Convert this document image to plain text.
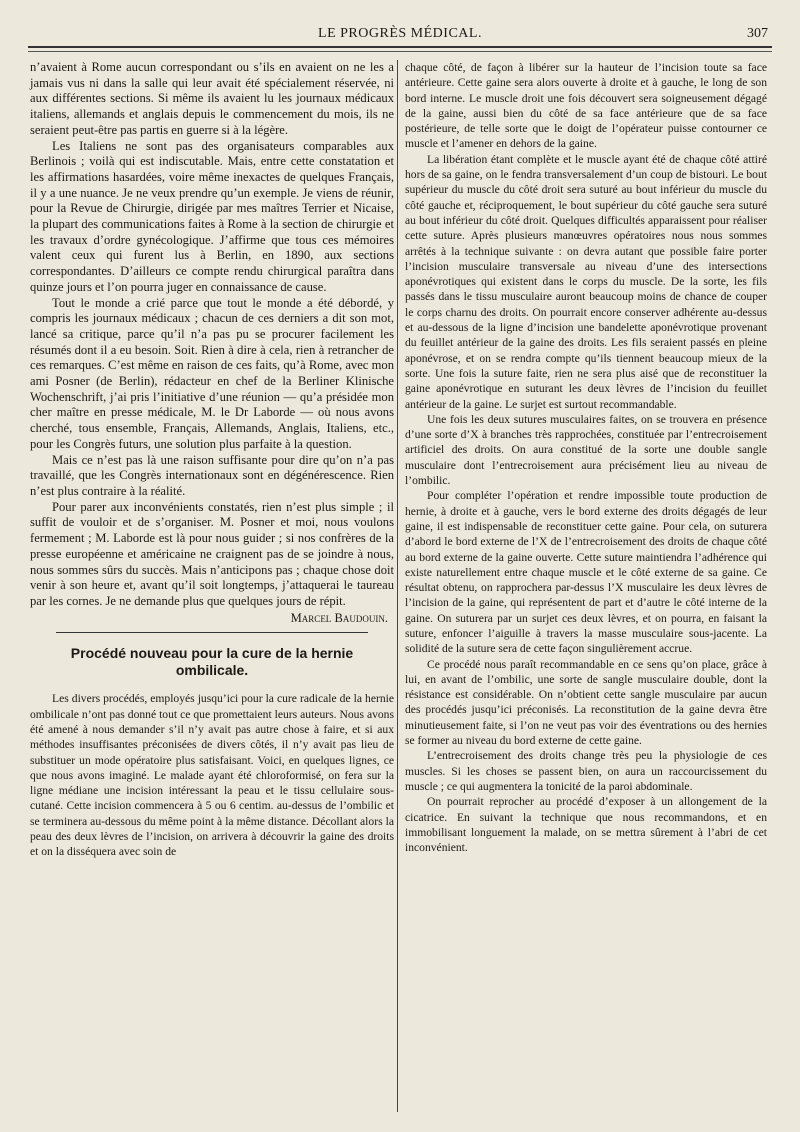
LE PROGRÈS MÉDICAL.	307

n’avaient à Rome aucun correspondant ou s’ils en avaient on ne les a jamais vus ni dans la salle qui leur avait été spécialement réservée, ni aux différentes sections. Si même ils avaient lu les journaux médicaux italiens, allemands et anglais depuis le commencement du mois, ils ne seraient peut-être pas partis en guerre si à la légère.

Les Italiens ne sont pas des organisateurs comparables aux Berlinois ; voilà qui est indiscutable. Mais, entre cette constatation et les affirmations hasardées, voire même inexactes de quelques Français, il y a une nuance. Je ne veux prendre qu’un exemple. Je viens de réunir, pour la Revue de Chirurgie, dirigée par mes maîtres Terrier et Nicaise, la plupart des communications faites à Rome à la section de chirurgie et les travaux d’ordre gynécologique. J’affirme que tous ces mémoires valent ceux qui furent lus à Berlin, en 1890, aux sections correspondantes. D’ailleurs ce compte rendu chirurgical paraîtra dans quinze jours et l’on pourra juger en connaissance de cause.

Tout le monde a crié parce que tout le monde a été débordé, y compris les journaux médicaux ; chacun de ces derniers a dit son mot, lancé sa critique, parce qu’il n’a pas pu se procurer facilement les résumés dont il a eu besoin. Soit. Rien à dire à cela, rien à retrancher de ces remarques. C’est même en raison de ces faits, qu’à Rome, avec mon ami Posner (de Berlin), rédacteur en chef de la Berliner Klinische Wochenschrift, j’ai pris l’initiative d’une réunion — qu’a présidée mon cher maître en presse médicale, M. le Dr Laborde — où nous avons cherché, tous ensemble, Français, Allemands, Anglais, Italiens, etc., pour les Congrès futurs, une solution plus parfaite à la question.

Mais ce n’est pas là une raison suffisante pour dire qu’on n’a pas travaillé, que les Congrès internationaux sont en dégénérescence. Rien n’est plus contraire à la réalité.

Pour parer aux inconvénients constatés, rien n’est plus simple ; il suffit de vouloir et de s’organiser. M. Posner et moi, nous voulons fermement ; M. Laborde est là pour nous guider ; si nos confrères de la presse européenne et américaine ne craignent pas de se joindre à nous, nous sommes sûrs du succès. Mais n’anticipons pas ; chaque chose doit venir à son heure et, avant qu’il soit longtemps, j’attaquerai le taureau par les cornes. Je ne demande plus que quelques jours de répit.

Marcel Baudouin.
Procédé nouveau pour la cure de la hernie ombilicale.

Les divers procédés, employés jusqu’ici pour la cure radicale de la hernie ombilicale n’ont pas donné tout ce que promettaient leurs auteurs. Nous avons été amené à nous demander s’il n’y avait pas autre chose à faire, et si aux méthodes insuffisantes préconisées de divers côtés, il n’y avait pas lieu de substituer un mode opératoire plus satisfaisant. Voici, en quelques lignes, ce que nous avons imaginé. Le malade ayant été chloroformisé, on fera sur la ligne médiane une incision intéressant la peau et le tissu cellulaire sous-cutané. Cette incision commencera à 5 ou 6 centim. au-dessus de l’ombilic et se terminera au-dessous du même point à la même distance. Décollant alors la peau des deux lèvres de l’incision, on arrivera à découvrir la gaine des droits et on la disséquera avec soin de

chaque côté, de façon à libérer sur la hauteur de l’incision toute sa face antérieure. Cette gaine sera alors ouverte à droite et à gauche, le long de son bord interne. Le muscle droit une fois découvert sera soigneusement dégagé de la gaine, aussi bien du côté de sa face antérieure que de sa face postérieure, de telle sorte que le doigt de l’opérateur puisse contourner ce muscle et l’amener en dehors de la gaine.

La libération étant complète et le muscle ayant été de chaque côté attiré hors de sa gaine, on le fendra transversalement d’un coup de bistouri. Le bout supérieur du muscle du côté droit sera suturé au bout inférieur du muscle du côté gauche et, réciproquement, le bout supérieur du côté gauche sera suturé au bout inférieur du côté droit. Quelques difficultés apparaissent pour réaliser cette suture. Après plusieurs manœuvres opératoires nous nous sommes arrêtés à la technique suivante : on devra autant que possible faire porter l’incision musculaire transversale au niveau d’une des intersections aponévrotiques qui existent dans le corps du muscle. De la sorte, les fils passés dans le tissu musculaire auront beaucoup moins de chance de couper le corps charnu des droits. On pourrait encore conserver adhérente au-dessus et au-dessous de la ligne d’incision une bandelette aponévrotique provenant du feuillet antérieur de la gaine des droits. Les fils seraient passés en pleine aponévrose, et on se rendra compte qu’ils tiennent beaucoup mieux de la sorte. Une fois la suture faite, rien ne sera plus aisé que de reconstituer la gaine aponévrotique en suturant les deux lèvres de l’incision du feuillet antérieur de la gaine. Le surjet est surtout recommandable.

Une fois les deux sutures musculaires faites, on se trouvera en présence d’une sorte d’X à branches très rapprochées, constituée par l’entrecroisement artificiel des droits. On aura constitué de la sorte une double sangle musculaire dont l’entrecroisement aura précisément lieu au niveau de l’ombilic.

Pour compléter l’opération et rendre impossible toute production de hernie, à droite et à gauche, vers le bord externe des droits dégagés de leur gaine, il est indispensable de reconstituer cette gaine. Pour cela, on suturera d’abord le bord externe de l’X de l’entrecroisement des droits de chaque côté au bord externe de la gaine ouverte. Cette suture maintiendra l’adhérence qui existe naturellement entre chaque muscle et le côté externe de sa gaine. Ce résultat obtenu, on rapprochera par-dessus l’X musculaire les deux lèvres de l’incision de la gaine, qui représentent de part et d’autre le côté interne de la gaine. On suturera par un surjet ces deux lèvres, et on pourra, en faisant la suture, enfoncer l’aiguille à travers la masse musculaire sous-jacente. La solidité de la suture sera de cette façon singulièrement accrue.

Ce procédé nous paraît recommandable en ce sens qu’on place, grâce à lui, en avant de l’ombilic, une sorte de sangle musculaire double, dont la résistance est considérable. On n’obtient cette sangle musculaire par aucun des procédés jusqu’ici préconisés. La reconstitution de la gaine devra être minutieusement faite, si l’on ne veut pas voir des éventrations ou des hernies se former au niveau du bord externe de cette gaine.

L’entrecroisement des droits change très peu la physiologie de ces muscles. Si les choses se passent bien, on aura un raccourcissement du muscle ; ce qui augmentera la tonicité de la paroi abdominale.

On pourrait reprocher au procédé d’exposer à un allongement de la cicatrice. En suivant la technique que nous recommandons, et en immobilisant longuement la malade, on se mettra sûrement à l’abri de cet inconvénient.
